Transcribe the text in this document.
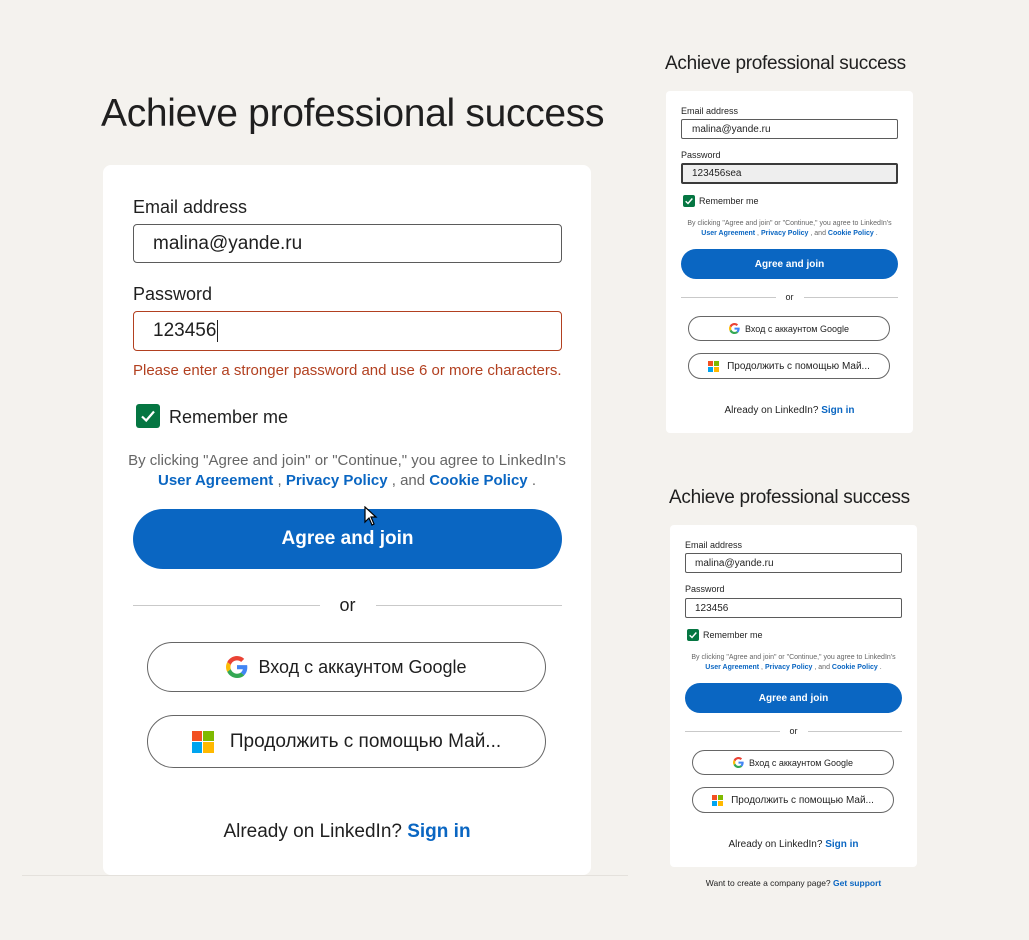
Achieve professional success
Email address
malina@yande.ru
Password
123456
Please enter a stronger password and use 6 or more characters.
Remember me
By clicking "Agree and join" or "Continue," you agree to LinkedIn's
User Agreement , Privacy Policy , and Cookie Policy .
Agree and join
or
Вход с аккаунтом Google
Продолжить с помощью Май...
Already on LinkedIn? Sign in
Achieve professional success
Email address
malina@yande.ru
Password
123456sea
Remember me
By clicking "Agree and join" or "Continue," you agree to LinkedIn's
User Agreement , Privacy Policy , and Cookie Policy .
Agree and join
or
Вход с аккаунтом Google
Продолжить с помощью Май...
Already on LinkedIn? Sign in
Achieve professional success
Email address
malina@yande.ru
Password
123456
Remember me
By clicking "Agree and join" or "Continue," you agree to LinkedIn's
User Agreement , Privacy Policy , and Cookie Policy .
Agree and join
or
Вход с аккаунтом Google
Продолжить с помощью Май...
Already on LinkedIn? Sign in
Want to create a company page? Get support
